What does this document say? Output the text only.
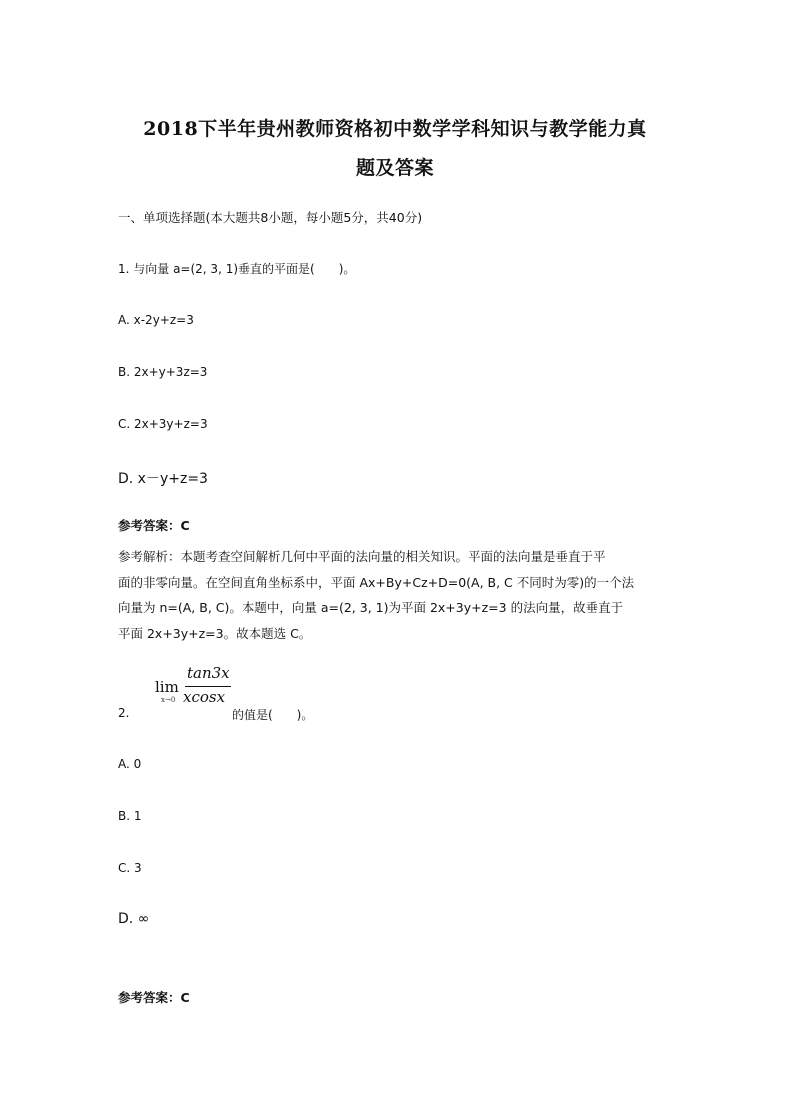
2018下半年贵州教师资格初中数学学科知识与教学能力真
题及答案
一、单项选择题(本大题共8小题，每小题5分，共40分)
1. 与向量 a=(2, 3, 1)垂直的平面是(　　)。
A. x-2y+z=3
B. 2x+y+3z=3
C. 2x+3y+z=3
D. x－y+z=3
参考答案：C
参考解析：本题考查空间解析几何中平面的法向量的相关知识。平面的法向量是垂直于平
面的非零向量。在空间直角坐标系中，平面 Ax+By+Cz+D=0(A, B, C 不同时为零)的一个法
向量为 n=(A, B, C)。本题中，向量 a=(2, 3, 1)为平面 2x+3y+z=3 的法向量，故垂直于
平面 2x+3y+z=3。故本题选 C。
2.
lim
x→0
tan3x
xcosx
的值是(　　)。
A. 0
B. 1
C. 3
D. ∞
参考答案：C
